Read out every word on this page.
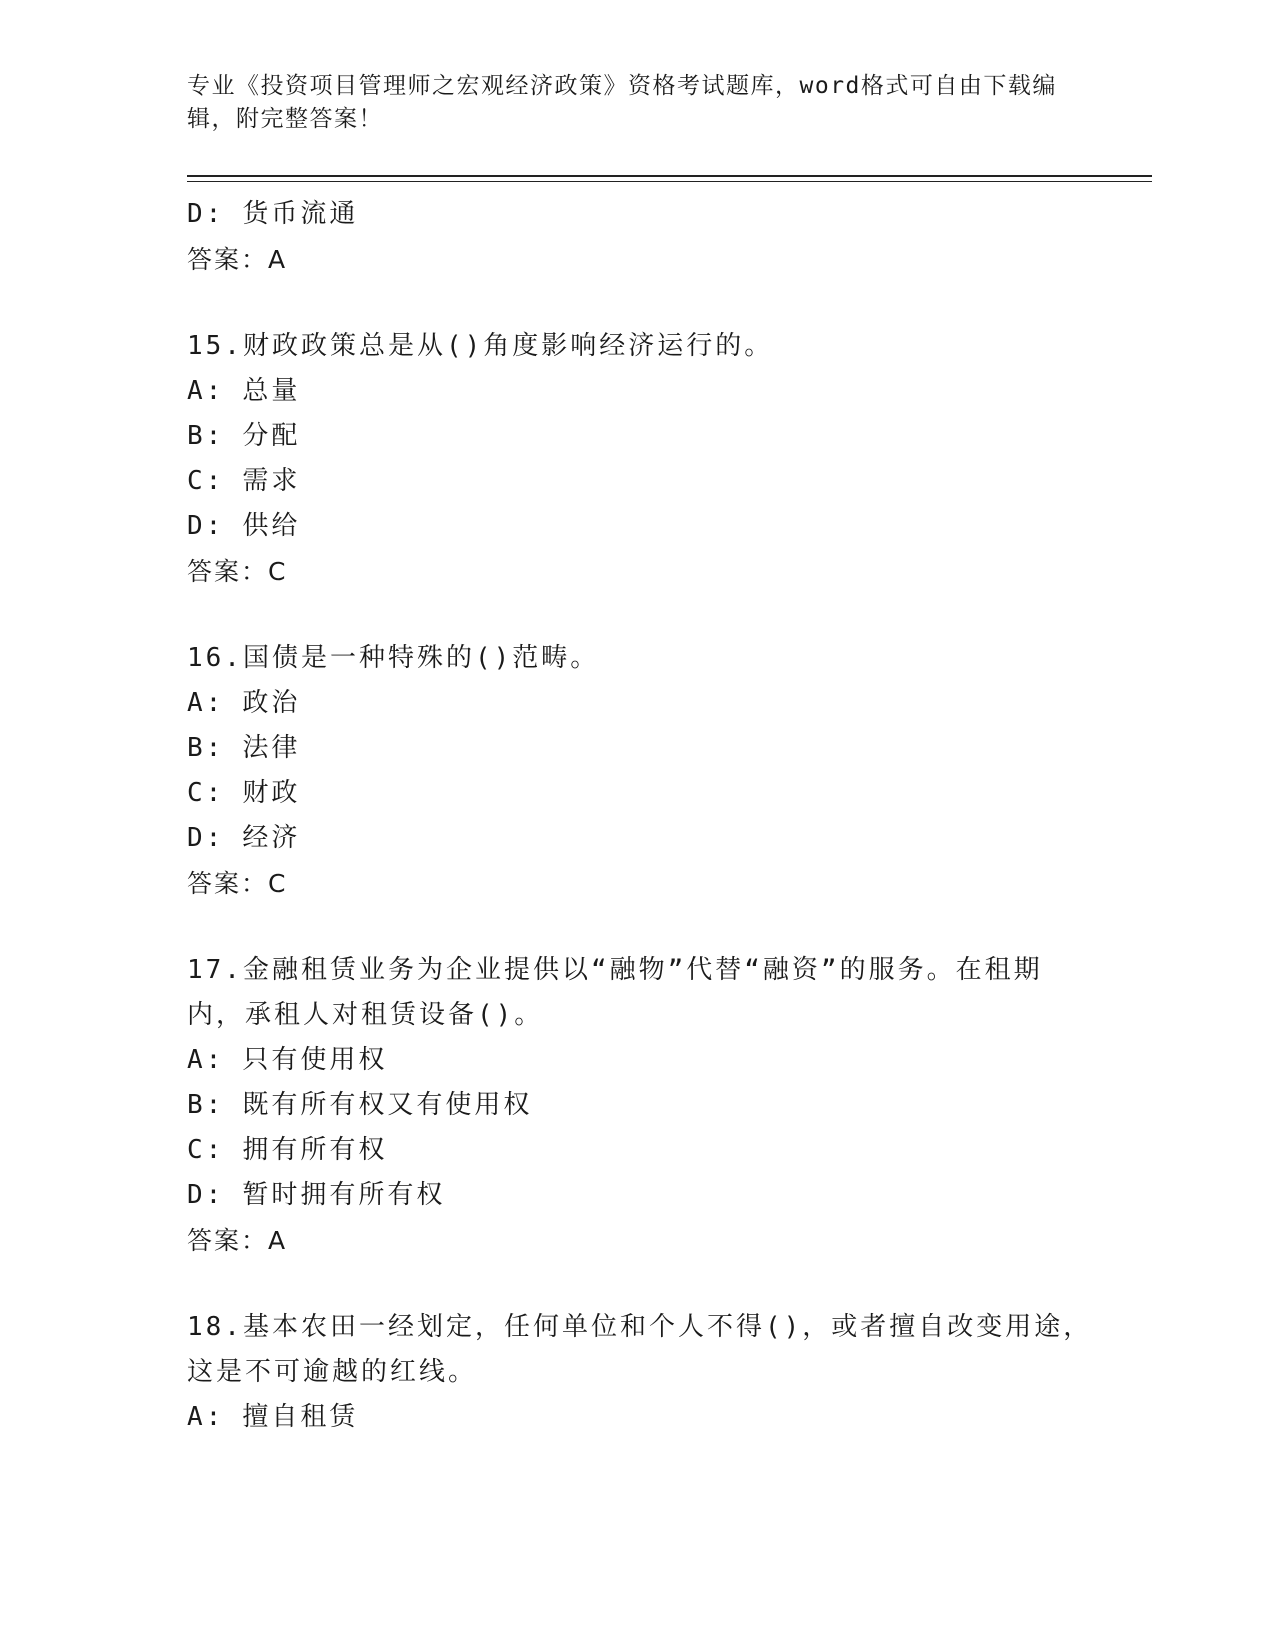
专业《投资项目管理师之宏观经济政策》资格考试题库，word格式可自由下载编
辑，附完整答案！
D: 货币流通
答案：A
15.财政政策总是从()角度影响经济运行的。
A: 总量
B: 分配
C: 需求
D: 供给
答案：C
16.国债是一种特殊的()范畴。
A: 政治
B: 法律
C: 财政
D: 经济
答案：C
17.金融租赁业务为企业提供以“融物”代替“融资”的服务。在租期
内，承租人对租赁设备()。
A: 只有使用权
B: 既有所有权又有使用权
C: 拥有所有权
D: 暂时拥有所有权
答案：A
18.基本农田一经划定，任何单位和个人不得()，或者擅自改变用途，
这是不可逾越的红线。
A: 擅自租赁
